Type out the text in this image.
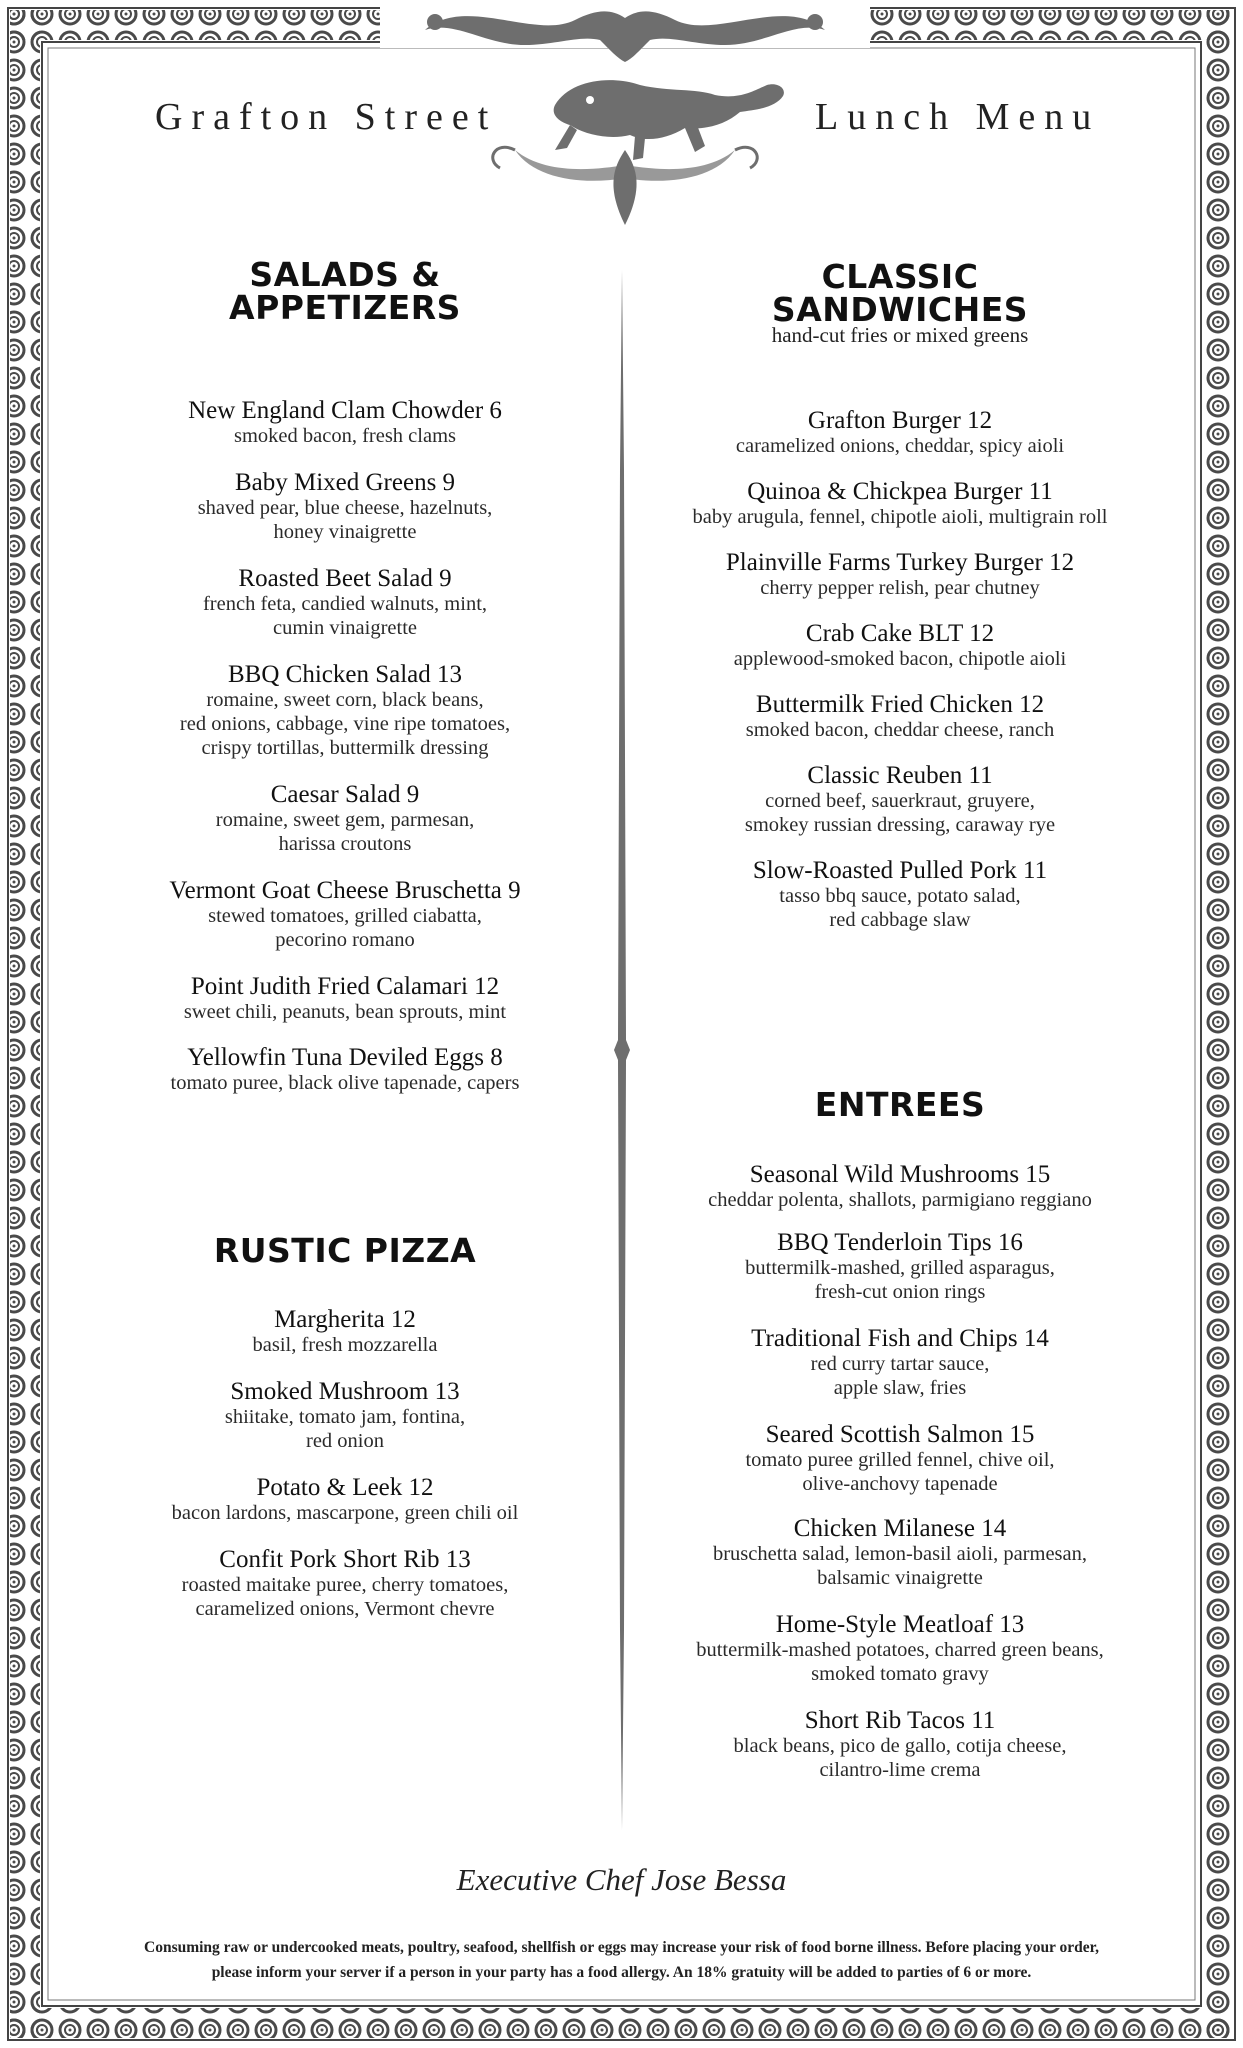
Grafton Street	Lunch Menu
SALADS &
APPETIZERS
New England Clam Chowder 6
smoked bacon, fresh clams
Baby Mixed Greens 9
shaved pear, blue cheese, hazelnuts,
honey vinaigrette
Roasted Beet Salad 9
french feta, candied walnuts, mint,
cumin vinaigrette
BBQ Chicken Salad 13
romaine, sweet corn, black beans,
red onions, cabbage, vine ripe tomatoes,
crispy tortillas, buttermilk dressing
Caesar Salad 9
romaine, sweet gem, parmesan,
harissa croutons
Vermont Goat Cheese Bruschetta 9
stewed tomatoes, grilled ciabatta,
pecorino romano
Point Judith Fried Calamari 12
sweet chili, peanuts, bean sprouts, mint
Yellowfin Tuna Deviled Eggs 8
tomato puree, black olive tapenade, capers
RUSTIC PIZZA
Margherita 12
basil, fresh mozzarella
Smoked Mushroom 13
shiitake, tomato jam, fontina,
red onion
Potato & Leek 12
bacon lardons, mascarpone, green chili oil
Confit Pork Short Rib 13
roasted maitake puree, cherry tomatoes,
caramelized onions, Vermont chevre
CLASSIC
SANDWICHES
hand-cut fries or mixed greens
Grafton Burger 12
caramelized onions, cheddar, spicy aioli
Quinoa & Chickpea Burger 11
baby arugula, fennel, chipotle aioli, multigrain roll
Plainville Farms Turkey Burger 12
cherry pepper relish, pear chutney
Crab Cake BLT 12
applewood-smoked bacon, chipotle aioli
Buttermilk Fried Chicken 12
smoked bacon, cheddar cheese, ranch
Classic Reuben 11
corned beef, sauerkraut, gruyere,
smokey russian dressing, caraway rye
Slow-Roasted Pulled Pork 11
tasso bbq sauce, potato salad,
red cabbage slaw
ENTREES
Seasonal Wild Mushrooms 15
cheddar polenta, shallots, parmigiano reggiano
BBQ Tenderloin Tips 16
buttermilk-mashed, grilled asparagus,
fresh-cut onion rings
Traditional Fish and Chips 14
red curry tartar sauce,
apple slaw, fries
Seared Scottish Salmon 15
tomato puree grilled fennel, chive oil,
olive-anchovy tapenade
Chicken Milanese 14
bruschetta salad, lemon-basil aioli, parmesan,
balsamic vinaigrette
Home-Style Meatloaf 13
buttermilk-mashed potatoes, charred green beans,
smoked tomato gravy
Short Rib Tacos 11
black beans, pico de gallo, cotija cheese,
cilantro-lime crema
Executive Chef Jose Bessa
Consuming raw or undercooked meats, poultry, seafood, shellfish or eggs may increase your risk of food borne illness. Before placing your order,
please inform your server if a person in your party has a food allergy. An 18% gratuity will be added to parties of 6 or more.
